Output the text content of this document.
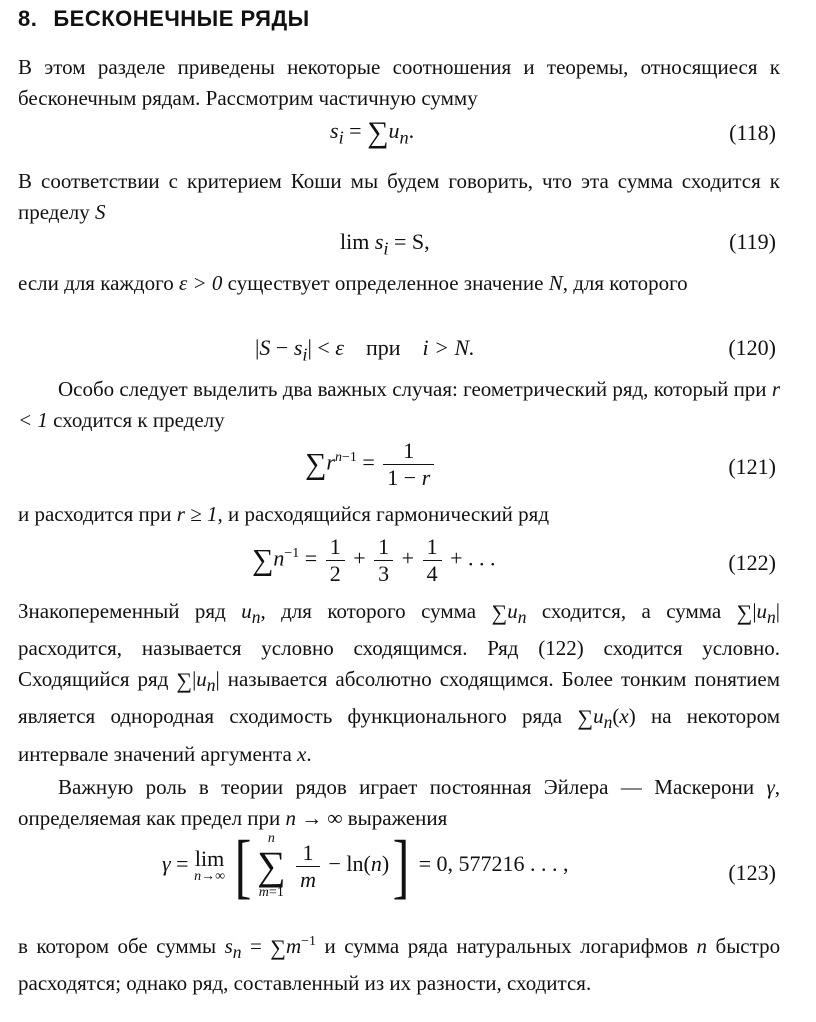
8. БЕСКОНЕЧНЫЕ РЯДЫ
В этом разделе приведены некоторые соотношения и теоремы, относящиеся к бесконечным рядам. Рассмотрим частичную сумму
$s_i = \sum u_n$.	(118)
В соответствии с критерием Коши мы будем говорить, что эта сумма сходится к пределу S
$\lim s_i = S$,	(119)
если для каждого ε > 0 существует определенное значение N, для которого
$|S - s_i| < \varepsilon$ при i > N.	(120)
Особо следует выделить два важных случая: геометрический ряд, который при r < 1 сходится к пределу
$\sum r^{n-1} = \frac{1}{1 - r}$	(121)
и расходится при r ≥ 1, и расходящийся гармонический ряд
$\sum n^{-1} = \frac{1}{2} + \frac{1}{3} + \frac{1}{4}$ + . . .	(122)
Знакопеременный ряд $u_n$, для которого сумма $\sum u_n$ сходится, а сумма $\sum|u_n|$ расходится, называется условно сходящимся. Ряд (122) сходится условно. Сходящийся ряд $\sum|u_n|$ называется абсолютно сходящимся. Более тонким понятием является однородная сходимость функционального ряда $\sum u_n(x)$ на некотором интервале значений аргумента x.
Важную роль в теории рядов играет постоянная Эйлера — Маскерони γ, определяемая как предел при n → ∞ выражения
γ = lim
n→∞ [	n
∑
m=1
$\frac{1}{m} - \ln(n)] = 0$, 577216 . . . ,	(123)
в котором обе суммы $s_n = \sum m^{-1}$ и сумма ряда натуральных логарифмов n быстро расходятся; однако ряд, составленный из их разности, сходится.
